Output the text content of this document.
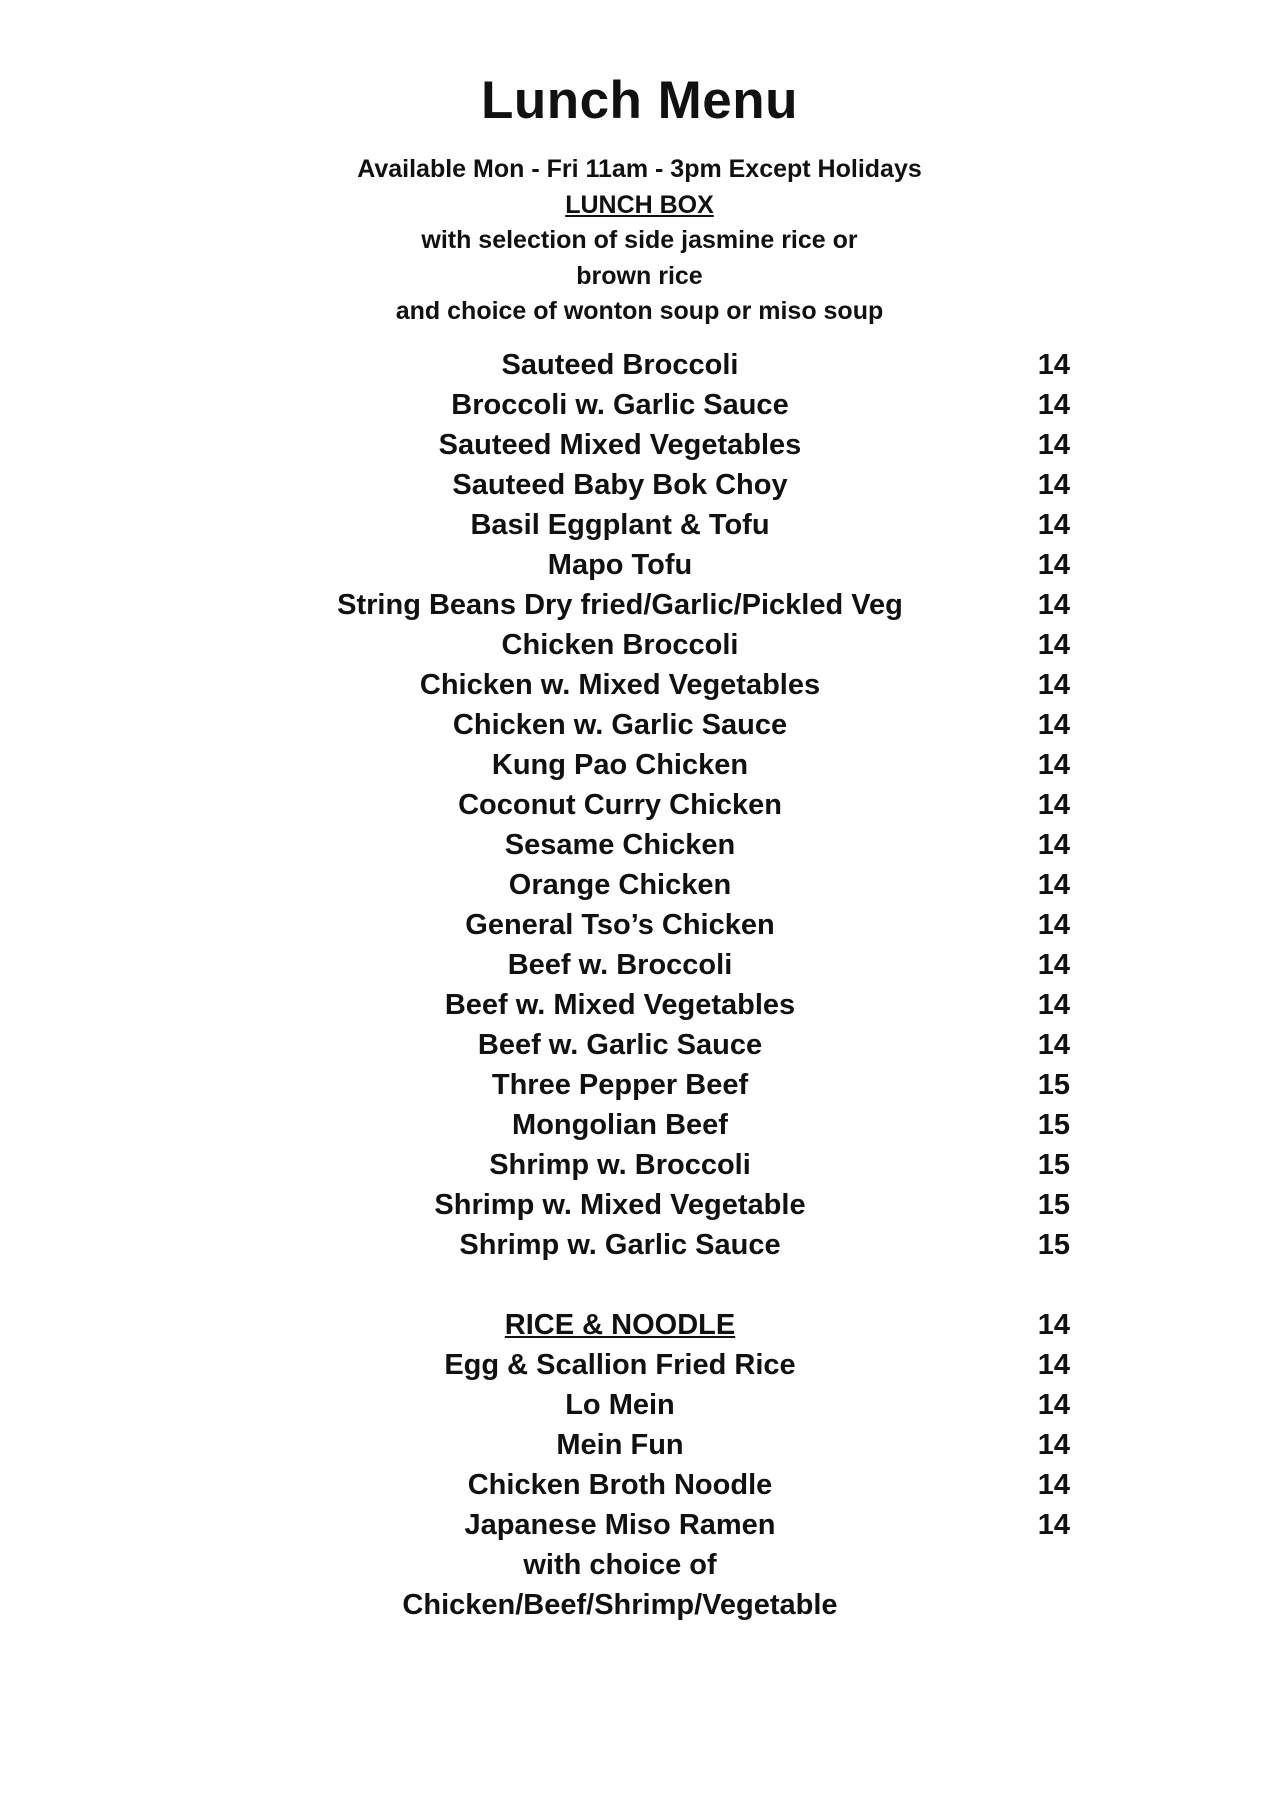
Lunch Menu
Available Mon - Fri 11am - 3pm Except Holidays
LUNCH BOX
with selection of side jasmine rice or
brown rice
and choice of wonton soup or miso soup
Sauteed Broccoli	14
Broccoli w. Garlic Sauce	14
Sauteed Mixed Vegetables	14
Sauteed Baby Bok Choy	14
Basil Eggplant & Tofu	14
Mapo Tofu	14
String Beans Dry fried/Garlic/Pickled Veg	14
Chicken Broccoli	14
Chicken w. Mixed Vegetables	14
Chicken w. Garlic Sauce	14
Kung Pao Chicken	14
Coconut Curry Chicken	14
Sesame Chicken	14
Orange Chicken	14
General Tso’s Chicken	14
Beef w. Broccoli	14
Beef w. Mixed Vegetables	14
Beef w. Garlic Sauce	14
Three Pepper Beef	15
Mongolian Beef	15
Shrimp w. Broccoli	15
Shrimp w. Mixed Vegetable	15
Shrimp w. Garlic Sauce	15
RICE & NOODLE	14
Egg & Scallion Fried Rice	14
Lo Mein	14
Mein Fun	14
Chicken Broth Noodle	14
Japanese Miso Ramen	14
with choice of
Chicken/Beef/Shrimp/Vegetable
